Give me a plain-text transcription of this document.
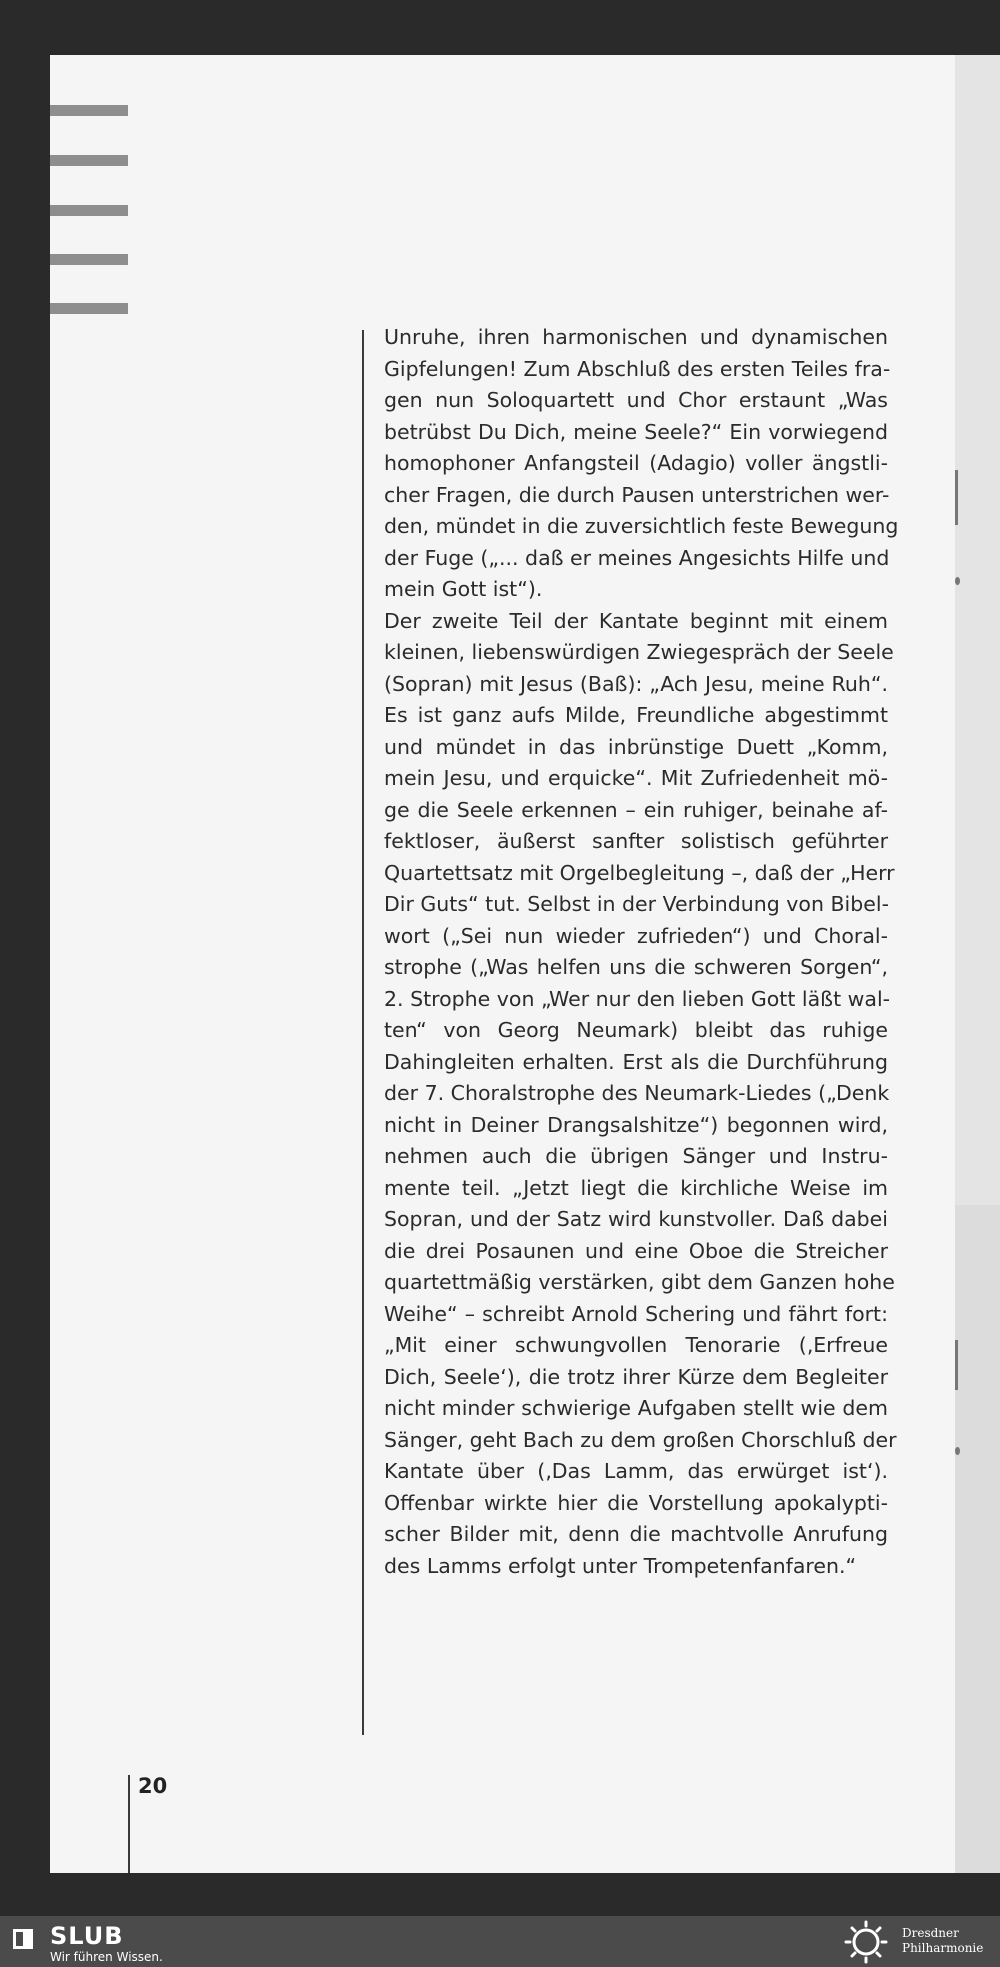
Unruhe, ihren harmonischen und dynamischen
Gipfelungen! Zum Abschluß des ersten Teiles fra-
gen nun Soloquartett und Chor erstaunt „Was
betrübst Du Dich, meine Seele?“ Ein vorwiegend
homophoner Anfangsteil (Adagio) voller ängstli-
cher Fragen, die durch Pausen unterstrichen wer-
den, mündet in die zuversichtlich feste Bewegung
der Fuge („... daß er meines Angesichts Hilfe und
mein Gott ist“).
Der zweite Teil der Kantate beginnt mit einem
kleinen, liebenswürdigen Zwiegespräch der Seele
(Sopran) mit Jesus (Baß): „Ach Jesu, meine Ruh“.
Es ist ganz aufs Milde, Freundliche abgestimmt
und mündet in das inbrünstige Duett „Komm,
mein Jesu, und erquicke“. Mit Zufriedenheit mö-
ge die Seele erkennen – ein ruhiger, beinahe af-
fektloser, äußerst sanfter solistisch geführter
Quartettsatz mit Orgelbegleitung –, daß der „Herr
Dir Guts“ tut. Selbst in der Verbindung von Bibel-
wort („Sei nun wieder zufrieden“) und Choral-
strophe („Was helfen uns die schweren Sorgen“,
2. Strophe von „Wer nur den lieben Gott läßt wal-
ten“ von Georg Neumark) bleibt das ruhige
Dahingleiten erhalten. Erst als die Durchführung
der 7. Choralstrophe des Neumark-Liedes („Denk
nicht in Deiner Drangsalshitze“) begonnen wird,
nehmen auch die übrigen Sänger und Instru-
mente teil. „Jetzt liegt die kirchliche Weise im
Sopran, und der Satz wird kunstvoller. Daß dabei
die drei Posaunen und eine Oboe die Streicher
quartettmäßig verstärken, gibt dem Ganzen hohe
Weihe“ – schreibt Arnold Schering und fährt fort:
„Mit einer schwungvollen Tenorarie (‚Erfreue
Dich, Seele‘), die trotz ihrer Kürze dem Begleiter
nicht minder schwierige Aufgaben stellt wie dem
Sänger, geht Bach zu dem großen Chorschluß der
Kantate über (‚Das Lamm, das erwürget ist‘).
Offenbar wirkte hier die Vorstellung apokalypti-
scher Bilder mit, denn die machtvolle Anrufung
des Lamms erfolgt unter Trompetenfanfaren.“
20
SLUB
Wir führen Wissen.
Dresdner
Philharmonie
